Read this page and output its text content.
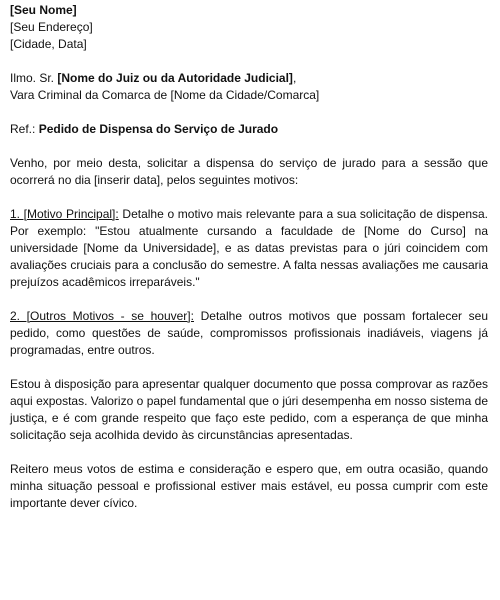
[Seu Nome]
[Seu Endereço]
[Cidade, Data]
Ilmo. Sr. [Nome do Juiz ou da Autoridade Judicial],
Vara Criminal da Comarca de [Nome da Cidade/Comarca]
Ref.: Pedido de Dispensa do Serviço de Jurado

Venho, por meio desta, solicitar a dispensa do serviço de jurado para a sessão que ocorrerá no dia [inserir data], pelos seguintes motivos:

1. [Motivo Principal]: Detalhe o motivo mais relevante para a sua solicitação de dispensa. Por exemplo: "Estou atualmente cursando a faculdade de [Nome do Curso] na universidade [Nome da Universidade], e as datas previstas para o júri coincidem com avaliações cruciais para a conclusão do semestre. A falta nessas avaliações me causaria prejuízos acadêmicos irreparáveis."

2. [Outros Motivos - se houver]: Detalhe outros motivos que possam fortalecer seu pedido, como questões de saúde, compromissos profissionais inadiáveis, viagens já programadas, entre outros.

Estou à disposição para apresentar qualquer documento que possa comprovar as razões aqui expostas. Valorizo o papel fundamental que o júri desempenha em nosso sistema de justiça, e é com grande respeito que faço este pedido, com a esperança de que minha solicitação seja acolhida devido às circunstâncias apresentadas.

Reitero meus votos de estima e consideração e espero que, em outra ocasião, quando minha situação pessoal e profissional estiver mais estável, eu possa cumprir com este importante dever cívico.
